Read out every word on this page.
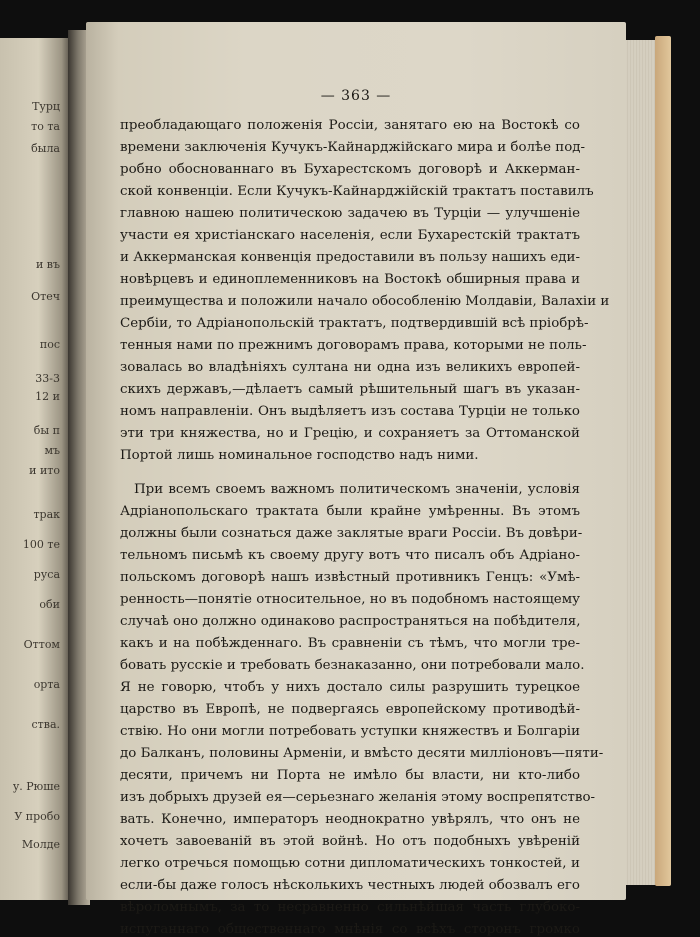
Турц
то та
была
и въ
Отеч
пос
33-3
12 и
бы п
мъ
и ито
трак
100 те
руса
оби
Оттом
орта
ства.
у. Рюше
У пробо
Молде
— 363 —
преобладающаго положенія Россіи, занятаго ею на Востокѣ со
времени заключенія Кучукъ-Кайнарджійскаго мира и болѣе под-
робно обоснованнаго въ Бухарестскомъ договорѣ и Аккерман-
ской конвенціи. Если Кучукъ-Кайнарджійскій трактатъ поставилъ
главною нашею политическою задачею въ Турціи — улучшеніе
участи ея христіанскаго населенія, если Бухарестскій трактатъ
и Аккерманская конвенція предоставили въ пользу нашихъ еди-
новѣрцевъ и единоплеменниковъ на Востокѣ обширныя права и
преимущества и положили начало обособленію Молдавіи, Валахіи и
Сербіи, то Адріанопольскій трактатъ, подтвердившій всѣ пріобрѣ-
тенныя нами по прежнимъ договорамъ права, которыми не поль-
зовалась во владѣніяхъ султана ни одна изъ великихъ европей-
скихъ державъ,—дѣлаетъ самый рѣшительный шагъ въ указан-
номъ направленіи. Онъ выдѣляетъ изъ состава Турціи не только
эти три княжества, но и Грецію, и сохраняетъ за Оттоманской
Портой лишь номинальное господство надъ ними.
При всемъ своемъ важномъ политическомъ значеніи, условія
Адріанопольскаго трактата были крайне умѣренны. Въ этомъ
должны были сознаться даже заклятые враги Россіи. Въ довѣри-
тельномъ письмѣ къ своему другу вотъ что писалъ объ Адріано-
польскомъ договорѣ нашъ извѣстный противникъ Генцъ: «Умѣ-
ренность—понятіе относительное, но въ подобномъ настоящему
случаѣ оно должно одинаково распространяться на побѣдителя,
какъ и на побѣжденнаго. Въ сравненіи съ тѣмъ, что могли тре-
бовать русскіе и требовать безнаказанно, они потребовали мало.
Я не говорю, чтобъ у нихъ достало силы разрушить турецкое
царство въ Европѣ, не подвергаясь европейскому противодѣй-
ствію. Но они могли потребовать уступки княжествъ и Болгаріи
до Балканъ, половины Арменіи, и вмѣсто десяти милліоновъ—пяти-
десяти, причемъ ни Порта не имѣло бы власти, ни кто-либо
изъ добрыхъ друзей ея—серьезнаго желанія этому воспрепятство-
вать. Конечно, императоръ неоднократно увѣрялъ, что онъ не
хочетъ завоеваній въ этой войнѣ. Но отъ подобныхъ увѣреній
легко отречься помощью сотни дипломатическихъ тонкостей, и
если-бы даже голосъ нѣсколькихъ честныхъ людей обозвалъ его
вѣроломнымъ, за то несравненно сильнѣйшая часть глубоко-
испуганнаго общественнаго мнѣнія со всѣхъ сторонъ громко
